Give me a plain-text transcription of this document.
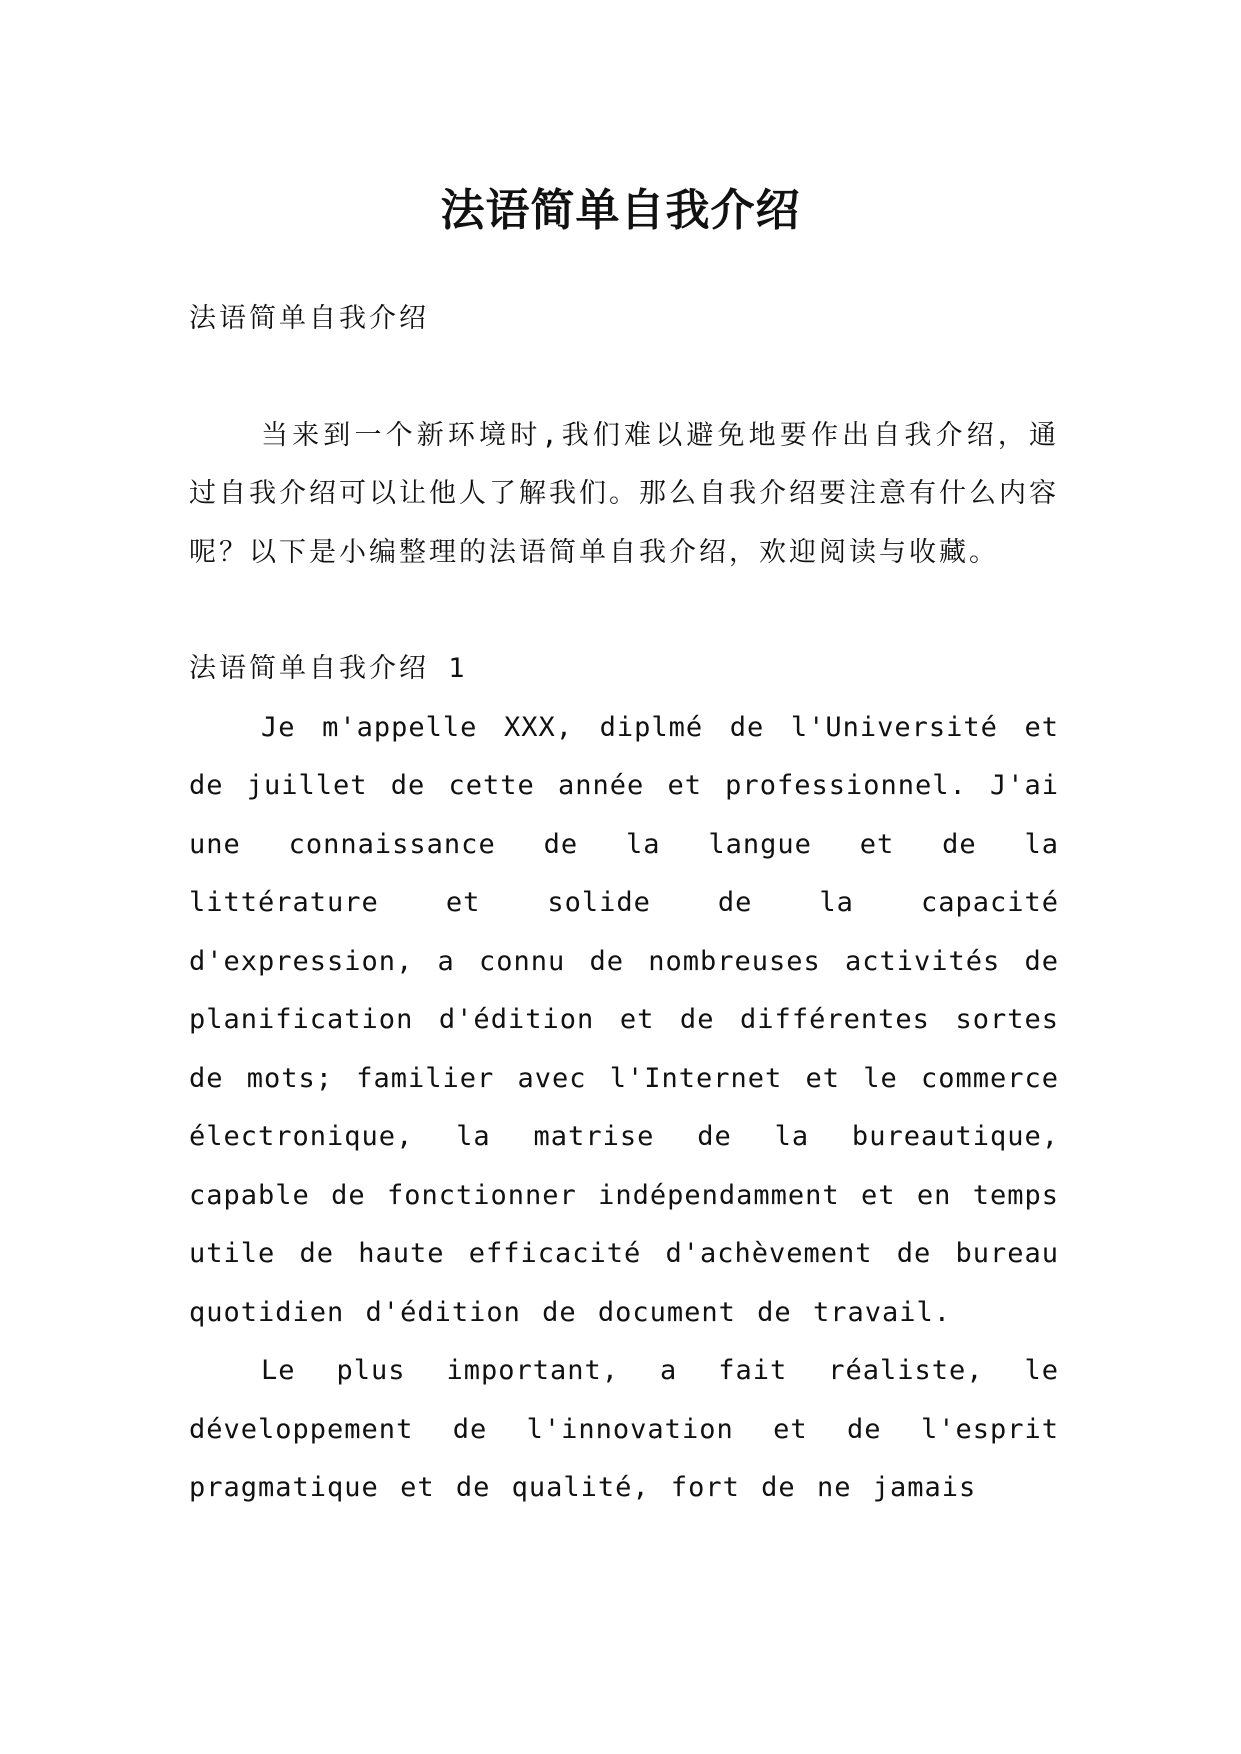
法语简单自我介绍

法语简单自我介绍

当来到一个新环境时,我们难以避免地要作出自我介绍，通过自我介绍可以让他人了解我们。那么自我介绍要注意有什么内容呢？以下是小编整理的法语简单自我介绍，欢迎阅读与收藏。

法语简单自我介绍 1

Je m'appelle XXX, diplmé de l'Université et de juillet de cette année et professionnel. J'ai une connaissance de la langue et de la littérature et solide de la capacité d'expression, a connu de nombreuses activités de planification d'édition et de différentes sortes de mots; familier avec l'Internet et le commerce électronique, la matrise de la bureautique, capable de fonctionner indépendamment et en temps utile de haute efficacité d'achèvement de bureau quotidien d'édition de document de travail.

Le plus important, a fait réaliste, le développement de l'innovation et de l'esprit pragmatique et de qualité, fort de ne jamais
